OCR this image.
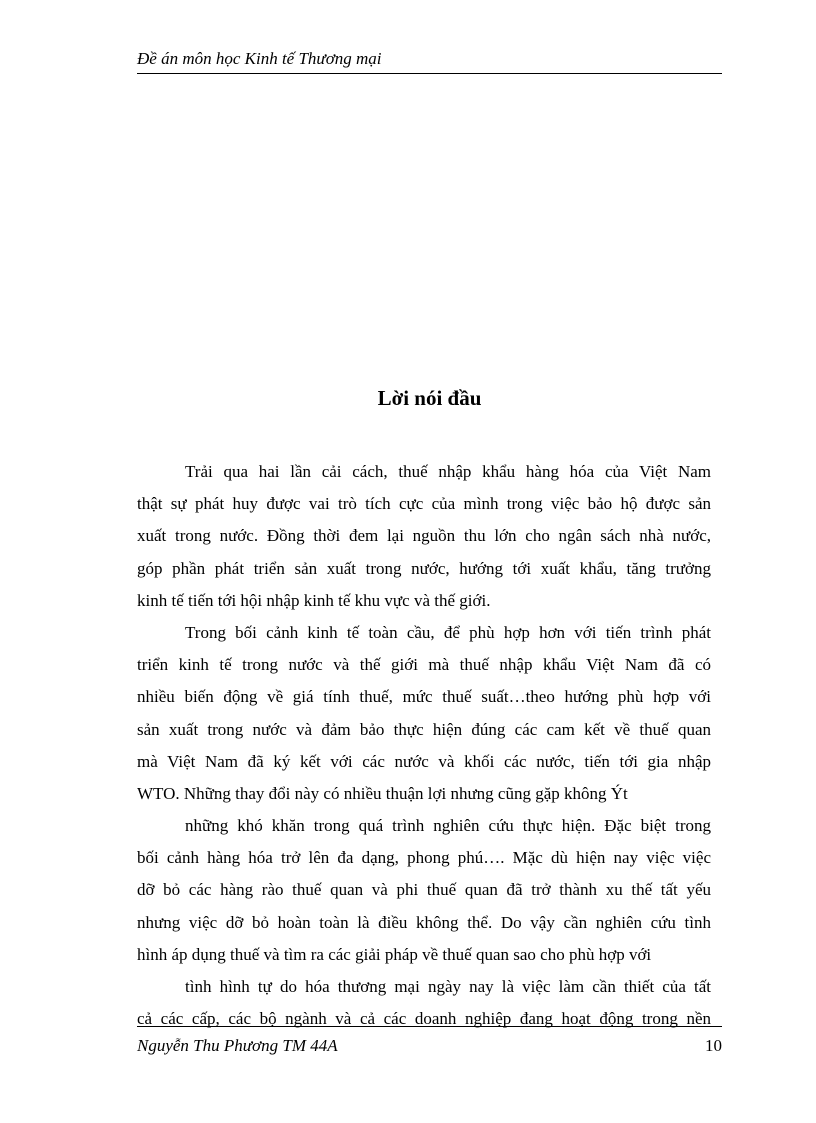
Đề án môn học Kinh tế Thương mại
Lời nói đầu
Trải qua hai lần cải cách, thuế nhập khẩu hàng hóa của Việt Nam
thật sự phát huy được vai trò tích cực của mình trong việc bảo hộ được sản
xuất trong nước. Đồng thời đem lại nguồn thu lớn cho ngân sách nhà nước,
góp phần phát triển sản xuất trong nước, hướng tới xuất khẩu, tăng trưởng
kinh tế tiến tới hội nhập kinh tế khu vực và thế giới.
Trong bối cảnh kinh tế toàn cầu, để phù hợp hơn với tiến trình phát
triển kinh tế trong nước và thế giới mà thuế nhập khẩu Việt Nam đã có
nhiều biến động về giá tính thuế, mức thuế suất…theo hướng phù hợp với
sản xuất trong nước và đảm bảo thực hiện đúng các cam kết về thuế quan
mà Việt Nam đã ký kết với các nước và khối các nước, tiến tới gia nhập
WTO. Những thay đổi này có nhiều thuận lợi nhưng cũng gặp không Ýt
những khó khăn trong quá trình nghiên cứu thực hiện. Đặc biệt trong
bối cảnh hàng hóa trở lên đa dạng, phong phú…. Mặc dù hiện nay việc việc
dỡ bỏ các hàng rào thuế quan và phi thuế quan đã trở thành xu thế tất yếu
nhưng việc dỡ bỏ hoàn toàn là điều không thể. Do vậy cần nghiên cứu tình
hình áp dụng thuế và tìm ra các giải pháp về thuế quan sao cho phù hợp với
tình hình tự do hóa thương mại ngày nay là việc làm cần thiết của tất
cả các cấp, các bộ ngành và cả các doanh nghiệp đang hoạt động trong nền
Nguyễn Thu Phương TM 44A	10
